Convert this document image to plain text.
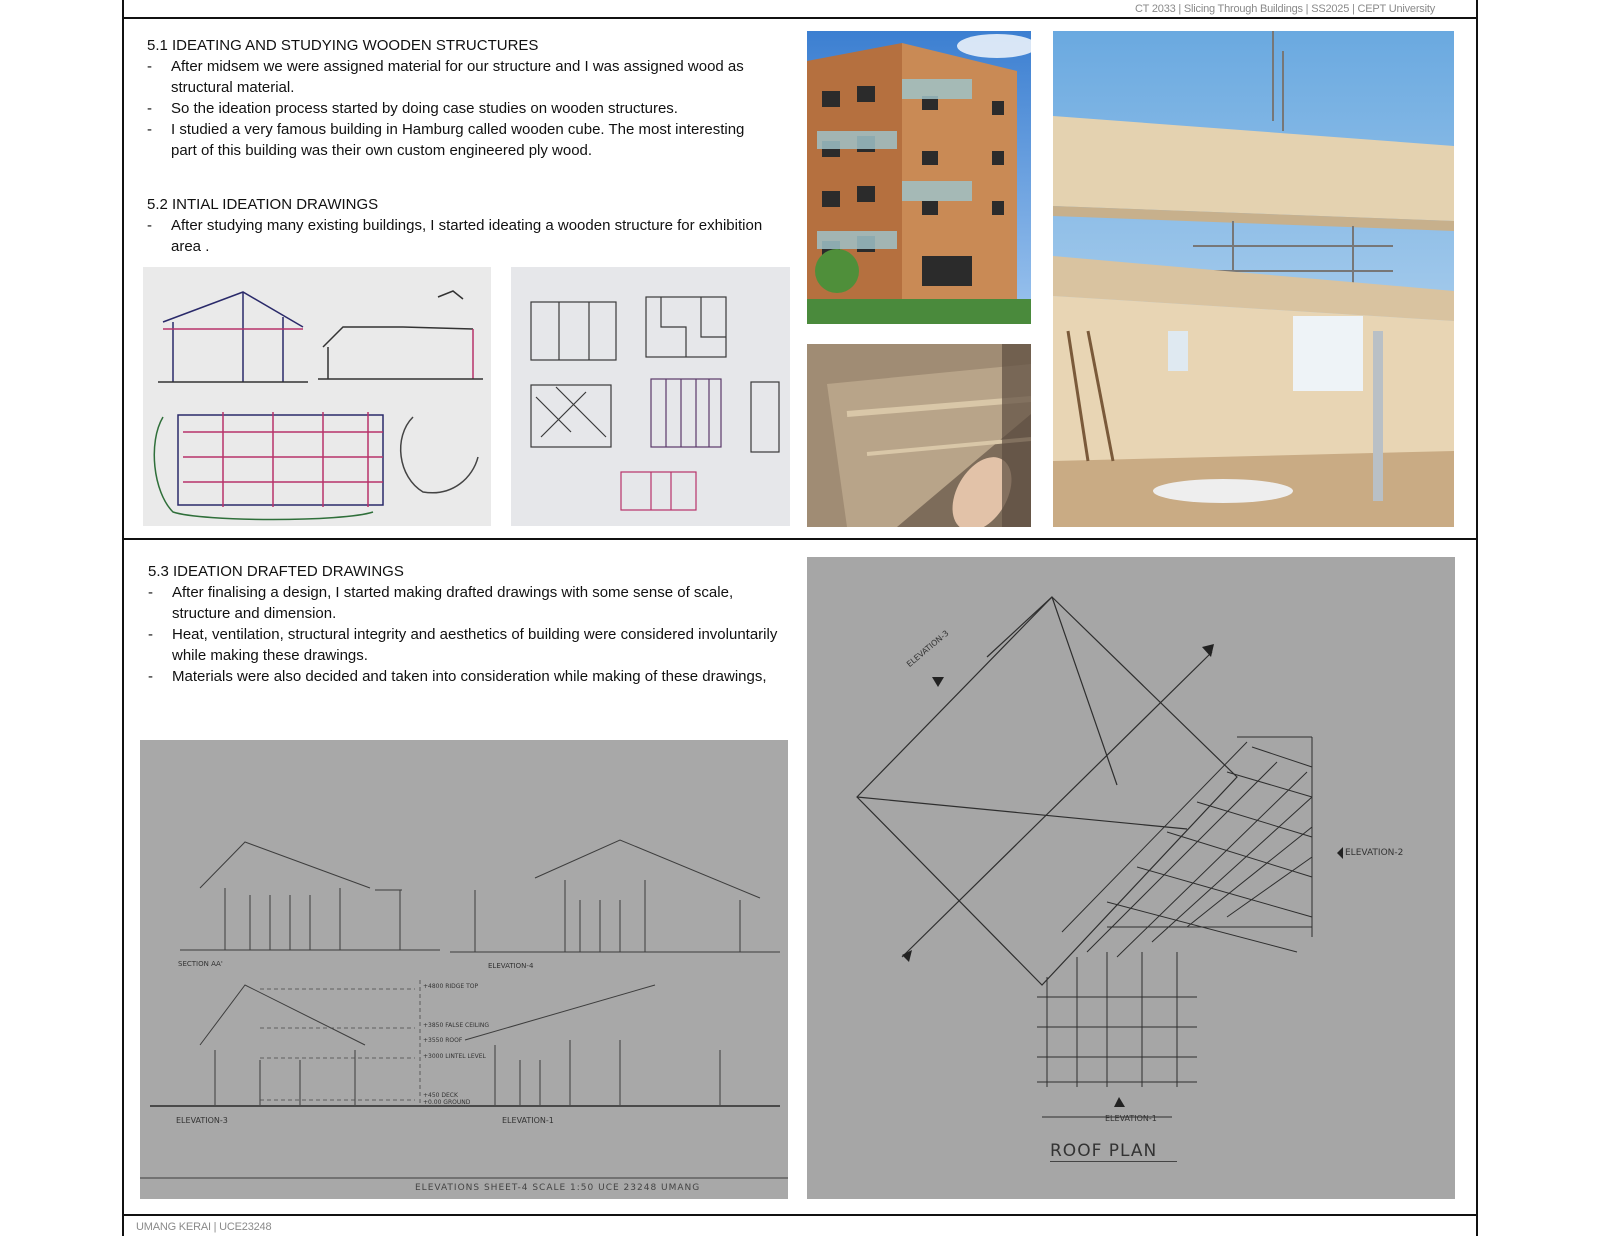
CT 2033 | Slicing Through Buildings | SS2025 | CEPT University
UMANG KERAI | UCE23248
5.1 IDEATING AND STUDYING WOODEN STRUCTURES
- After midsem we were assigned material for our structure and I was assigned wood as structural material.
- So the ideation process started by doing case studies on wooden structures.
- I studied a very famous building in Hamburg called wooden cube. The most interesting part of this building was their own custom engineered ply wood.
5.2 INTIAL IDEATION DRAWINGS
- After studying many existing buildings, I started ideating a wooden structure for exhibition area .
5.3 IDEATION DRAFTED DRAWINGS
- After finalising a design, I started making drafted drawings with some sense of scale, structure and dimension.
- Heat, ventilation, structural integrity and aesthetics of building were considered involuntarily while making these drawings.
- Materials were also decided and taken into consideration while making of these drawings,
SECTION AA'	ELEVATION-4
ELEVATION-3	ELEVATION-1
+4800 RIDGE TOP
+3850 FALSE CEILING
+3550 ROOF
+3000 LINTEL LEVEL
+450 DECK
+0.00 GROUND
ELEVATIONS SHEET-4 SCALE 1:50 UCE 23248 UMANG
ELEVATION-3
ELEVATION-2
ELEVATION-1
ROOF PLAN
